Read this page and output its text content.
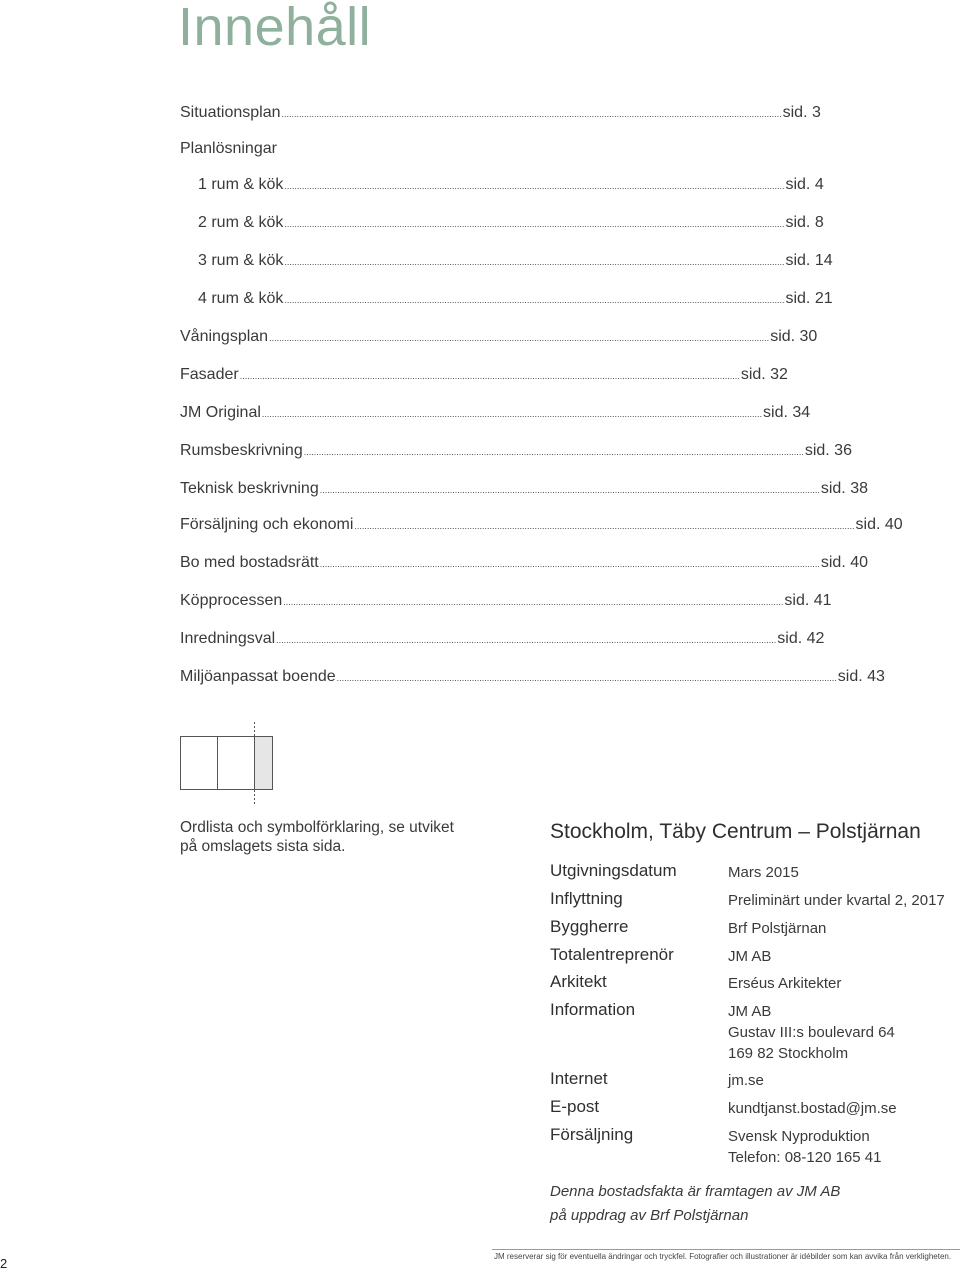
Innehåll
Situationsplan ........................................................................................................................................................................................................ sid. 3
Planlösningar
1 rum & kök ........................................................................................................................................................................................................ sid. 4
2 rum & kök ........................................................................................................................................................................................................ sid. 8
3 rum & kök ........................................................................................................................................................................................................ sid. 14
4 rum & kök ........................................................................................................................................................................................................ sid. 21
Våningsplan ........................................................................................................................................................................................................ sid. 30
Fasader ........................................................................................................................................................................................................ sid. 32
JM Original ........................................................................................................................................................................................................ sid. 34
Rumsbeskrivning ........................................................................................................................................................................................................ sid. 36
Teknisk beskrivning ........................................................................................................................................................................................................ sid. 38
Försäljning och ekonomi ........................................................................................................................................................................................................ sid. 40
Bo med bostadsrätt ........................................................................................................................................................................................................ sid. 40
Köpprocessen ........................................................................................................................................................................................................ sid. 41
Inredningsval ........................................................................................................................................................................................................ sid. 42
Miljöanpassat boende ........................................................................................................................................................................................................ sid. 43
Ordlista och symbolförklaring, se utviket
på omslagets sista sida.
Stockholm, Täby Centrum – Polstjärnan
Utgivningsdatum	Mars 2015
Inflyttning	Preliminärt under kvartal 2, 2017
Byggherre	Brf Polstjärnan
Totalentreprenör	JM AB
Arkitekt	Erséus Arkitekter
Information	JM AB
Gustav III:s boulevard 64
169 82 Stockholm
Internet	jm.se
E-post	kundtjanst.bostad@jm.se
Försäljning	Svensk Nyproduktion
Telefon: 08-120 165 41
Denna bostadsfakta är framtagen av JM AB
på uppdrag av Brf Polstjärnan
JM reserverar sig för eventuella ändringar och tryckfel. Fotografier och illustrationer är idébilder som kan avvika från verkligheten.
2
